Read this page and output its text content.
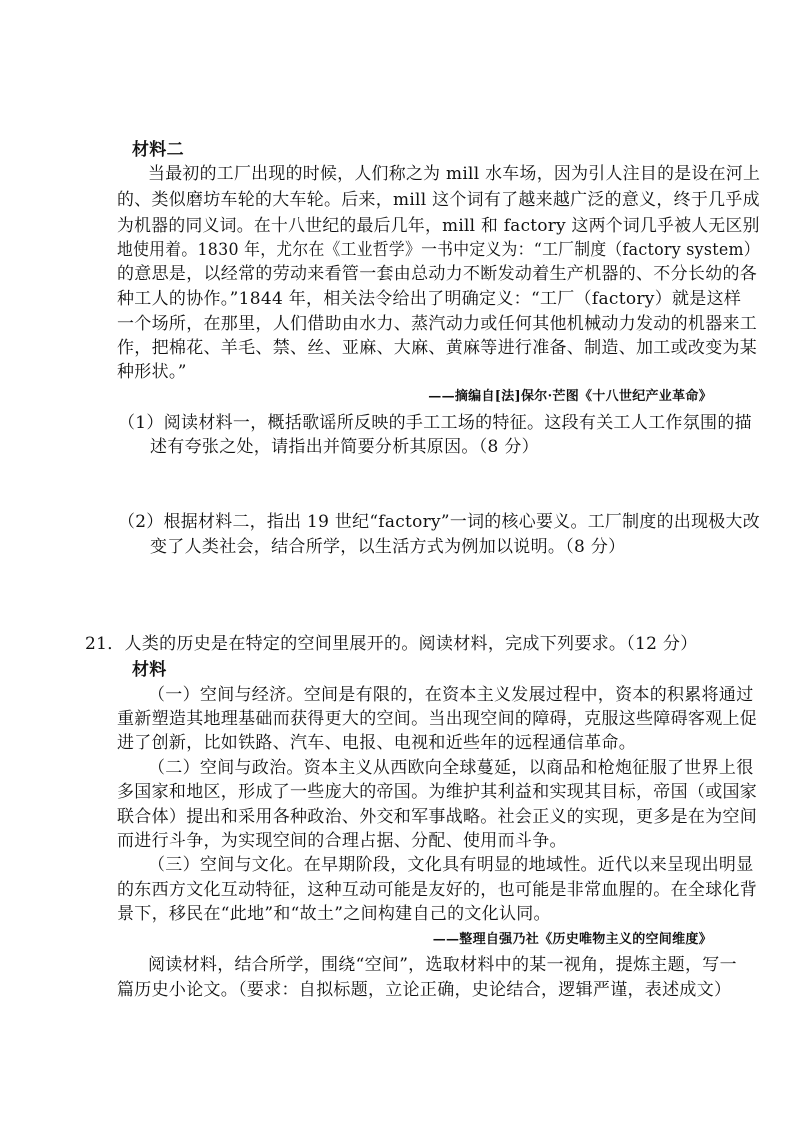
材料二
当最初的工厂出现的时候，人们称之为 mill 水车场，因为引人注目的是设在河上
的、类似磨坊车轮的大车轮。后来，mill 这个词有了越来越广泛的意义，终于几乎成
为机器的同义词。在十八世纪的最后几年，mill 和 factory 这两个词几乎被人无区别
地使用着。1830 年，尤尔在《工业哲学》一书中定义为：“工厂制度（factory system）
的意思是，以经常的劳动来看管一套由总动力不断发动着生产机器的、不分长幼的各
种工人的协作。”1844 年，相关法令给出了明确定义：“工厂（factory）就是这样
一个场所，在那里，人们借助由水力、蒸汽动力或任何其他机械动力发动的机器来工
作，把棉花、羊毛、禁、丝、亚麻、大麻、黄麻等进行准备、制造、加工或改变为某
种形状。”
——摘编自[法]保尔·芒图《十八世纪产业革命》
（1）阅读材料一，概括歌谣所反映的手工工场的特征。这段有关工人工作氛围的描
述有夸张之处，请指出并简要分析其原因。（8 分）
（2）根据材料二，指出 19 世纪“factory”一词的核心要义。工厂制度的出现极大改
变了人类社会，结合所学，以生活方式为例加以说明。（8 分）
21．人类的历史是在特定的空间里展开的。阅读材料，完成下列要求。（12 分）
材料
（一）空间与经济。空间是有限的，在资本主义发展过程中，资本的积累将通过
重新塑造其地理基础而获得更大的空间。当出现空间的障碍，克服这些障碍客观上促
进了创新，比如铁路、汽车、电报、电视和近些年的远程通信革命。
（二）空间与政治。资本主义从西欧向全球蔓延，以商品和枪炮征服了世界上很
多国家和地区，形成了一些庞大的帝国。为维护其利益和实现其目标，帝国（或国家
联合体）提出和采用各种政治、外交和军事战略。社会正义的实现，更多是在为空间
而进行斗争，为实现空间的合理占据、分配、使用而斗争。
（三）空间与文化。在早期阶段，文化具有明显的地域性。近代以来呈现出明显
的东西方文化互动特征，这种互动可能是友好的，也可能是非常血腥的。在全球化背
景下，移民在“此地”和“故土”之间构建自己的文化认同。
——整理自强乃社《历史唯物主义的空间维度》
阅读材料，结合所学，围绕“空间”，选取材料中的某一视角，提炼主题，写一
篇历史小论文。（要求：自拟标题，立论正确，史论结合，逻辑严谨，表述成文）
